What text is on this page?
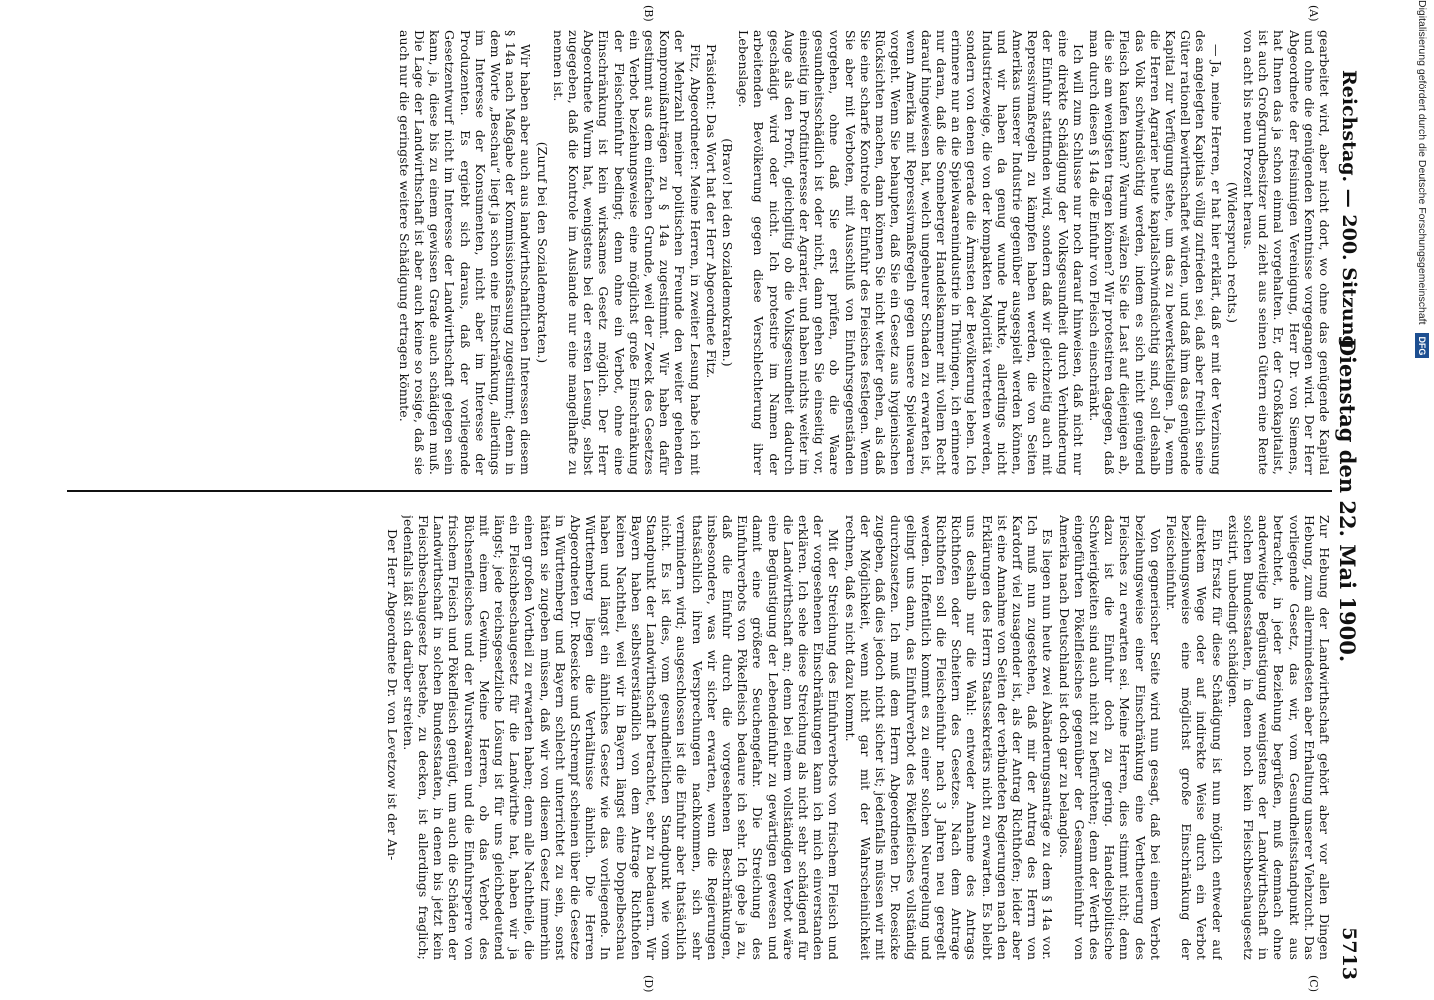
Reichstag. — 200. Sitzung.
Dienstag den 22. Mai 1900.
5713
(A)
(B)
(C)
(D)

gearbeitet wird, aber nicht dort, wo ohne das genügende Kapital und ohne die genügenden Kenntnisse vorgegangen wird. Der Herr Abgeordnete der freisinnigen Vereinigung, Herr Dr. von Siemens, hat Ihnen das ja schon einmal vorgehalten. Er, der Großkapitalist, ist auch Großgrundbesitzer und zieht aus seinen Gütern eine Rente von acht bis neun Prozent heraus.

(Widerspruch rechts.)

— Ja, meine Herren, er hat hier erklärt, daß er mit der Verzinsung des angelegten Kapitals völlig zufrieden sei, daß aber freilich seine Güter rationell bewirthschaftet würden, und daß ihm das genügende Kapital zur Verfügung stehe, um das zu bewerkstelligen. Ja, wenn die Herren Agrarier heute kapitalschwindsüchtig sind, soll deshalb das Volk schwindsüchtig werden, indem es sich nicht genügend Fleisch kaufen kann? Warum wälzen Sie die Last auf diejenigen ab, die sie am wenigsten tragen können? Wir protestiren dagegen, daß man durch diesen § 14a die Einfuhr von Fleisch einschränkt.

Ich will zum Schlusse nur noch darauf hinweisen, daß nicht nur eine direkte Schädigung der Volksgesundheit durch Verhinderung der Einfuhr stattfinden wird, sondern daß wir gleichzeitig auch mit Repressivmaßregeln zu kämpfen haben werden, die von Seiten Amerikas unserer Industrie gegenüber ausgespielt werden können, und wir haben da genug wunde Punkte, allerdings nicht Industriezweige, die von der kompakten Majorität vertreten werden, sondern von denen gerade die Ärmsten der Bevölkerung leben. Ich erinnere nur an die Spielwaarenindustrie in Thüringen, ich erinnere nur daran, daß die Sonneberger Handelskammer mit vollem Recht darauf hingewiesen hat, welch ungeheurer Schaden zu erwarten ist, wenn Amerika mit Repressivmaßregeln gegen unsere Spielwaaren vorgeht. Wenn Sie behaupten, daß Sie ein Gesetz aus hygienischen Rücksichten machen, dann können Sie nicht weiter gehen, als daß Sie eine scharfe Kontrole der Einfuhr des Fleisches festlegen. Wenn Sie aber mit Verboten, mit Ausschluß von Einfuhrsgegenständen vorgehen, ohne daß Sie erst prüfen, ob die Waare gesundheitsschädlich ist oder nicht, dann gehen Sie einseitig vor, einseitig im Profitinteresse der Agrarier, und haben nichts weiter im Auge als den Profit, gleichgiltig ob die Volksgesundheit dadurch geschädigt wird oder nicht. Ich protestire im Namen der arbeitenden Bevölkerung gegen diese Verschlechterung ihrer Lebenslage.

(Bravo! bei den Sozialdemokraten.)

Präsident: Das Wort hat der Herr Abgeordnete Fitz.

Fitz, Abgeordneter: Meine Herren, in zweiter Lesung habe ich mit der Mehrzahl meiner politischen Freunde den weiter gehenden Kompromißanträgen zu § 14a zugestimmt. Wir haben dafür gestimmt aus dem einfachen Grunde, weil der Zweck des Gesetzes ein Verbot beziehungsweise eine möglichst große Einschränkung der Fleischeinfuhr bedingt; denn ohne ein Verbot, ohne eine Einschränkung ist kein wirksames Gesetz möglich. Der Herr Abgeordnete Wurm hat, wenigstens bei der ersten Lesung, selbst zugegeben, daß die Kontrole im Auslande nur eine mangelhafte zu nennen ist.

(Zuruf bei den Sozialdemokraten.)

Wir haben aber auch aus landwirthschaftlichen Interessen diesem § 14a nach Maßgabe der Kommissionsfassung zugestimmt; denn in dem Worte „Beschau“ liegt ja schon eine Einschränkung, allerdings im Interesse der Konsumenten, nicht aber im Interesse der Produzenten. Es ergiebt sich daraus, daß der vorliegende Gesetzentwurf nicht im Interesse der Landwirthschaft gelegen sein kann, ja, diese bis zu einem gewissen Grade auch schädigen muß. Die Lage der Landwirthschaft ist aber auch keine so rosige, daß sie auch nur die geringste weitere Schädigung ertragen könnte.

Zur Hebung der Landwirthschaft gehört aber vor allen Dingen Hebung, zum allermindesten aber Erhaltung unserer Viehzucht. Das vorliegende Gesetz, das wir, vom Gesundheitsstandpunkt aus betrachtet, in jeder Beziehung begrüßen, muß demnach ohne anderweitige Begünstigung wenigstens der Landwirthschaft in solchen Bundesstaaten, in denen noch kein Fleischbeschaugesetz existirt, unbedingt schädigen.

Ein Ersatz für diese Schädigung ist nun möglich entweder auf direktem Wege oder auf indirekte Weise durch ein Verbot beziehungsweise eine möglichst große Einschränkung der Fleischeinfuhr.

Von gegnerischer Seite wird nun gesagt, daß bei einem Verbot beziehungsweise einer Einschränkung eine Vertheuerung des Fleisches zu erwarten sei. Meine Herren, dies stimmt nicht; denn dazu ist die Einfuhr doch zu gering. Handelspolitische Schwierigkeiten sind auch nicht zu befürchten; denn der Werth des eingeführten Pökelfleisches gegenüber der Gesammteinfuhr von Amerika nach Deutschland ist doch gar zu belanglos.

Es liegen nun heute zwei Abänderungsanträge zu dem § 14a vor. Ich muß nun zugestehen, daß mir der Antrag des Herrn von Kardorff viel zusagender ist, als der Antrag Richthofen; leider aber ist eine Annahme von Seiten der verbündeten Regierungen nach den Erklärungen des Herrn Staatssekretärs nicht zu erwarten. Es bleibt uns deshalb nur die Wahl: entweder Annahme des Antrags Richthofen oder Scheitern des Gesetzes. Nach dem Antrage Richthofen soll die Fleischeinfuhr nach 3 Jahren neu geregelt werden. Hoffentlich kommt es zu einer solchen Neuregelung und gelingt uns dann, das Einfuhrverbot des Pökelfleisches vollständig durchzusetzen. Ich muß dem Herrn Abgeordneten Dr. Roesicke zugeben, daß dies jedoch nicht sicher ist; jedenfalls müssen wir mit der Möglichkeit, wenn nicht gar mit der Wahrscheinlichkeit rechnen, daß es nicht dazu kommt.

Mit der Streichung des Einfuhrverbots von frischem Fleisch und der vorgesehenen Einschränkungen kann ich mich einverstanden erklären. Ich sehe diese Streichung als nicht sehr schädigend für die Landwirthschaft an; denn bei einem vollständigen Verbot wäre eine Begünstigung der Lebendeinfuhr zu gewärtigen gewesen und damit eine größere Seuchengefahr. Die Streichung des Einfuhrverbots von Pökelfleisch bedaure ich sehr. Ich gebe ja zu, daß die Einfuhr durch die vorgesehenen Beschränkungen, insbesondere, was wir sicher erwarten, wenn die Regierungen thatsächlich ihren Versprechungen nachkommen, sich sehr vermindern wird; ausgeschlossen ist die Einfuhr aber thatsächlich nicht. Es ist dies, vom gesundheitlichen Standpunkt wie vom Standpunkt der Landwirthschaft betrachtet, sehr zu bedauern. Wir Bayern haben selbstverständlich von dem Antrage Richthofen keinen Nachtheil, weil wir in Bayern längst eine Doppelbeschau haben und längst ein ähnliches Gesetz wie das vorliegende. In Württemberg liegen die Verhältnisse ähnlich. Die Herren Abgeordneten Dr. Roesicke und Schrempf scheinen über die Gesetze in Württemberg und Bayern schlecht unterrichtet zu sein, sonst hätten sie zugeben müssen, daß wir von diesem Gesetz immerhin einen großen Vortheil zu erwarten haben; denn alle Nachtheile, die ein Fleischbeschaugesetz für die Landwirthe hat, haben wir ja längst; jede reichsgesetzliche Lösung ist für uns gleichbedeutend mit einem Gewinn. Meine Herren, ob das Verbot des Büchsenfleisches und der Wurstwaaren und die Einfuhrsperre von frischem Fleisch und Pökelfleisch genügt, um auch die Schäden der Landwirthschaft in solchen Bundesstaaten, in denen bis jetzt kein Fleischbeschaugesetz bestehe, zu decken, ist allerdings fraglich; jedenfalls läßt sich darüber streiten.

Der Herr Abgeordnete Dr. von Levetzow ist der An-

Digitalisierung gefördert durch die Deutsche Forschungsgemeinschaft DFG
